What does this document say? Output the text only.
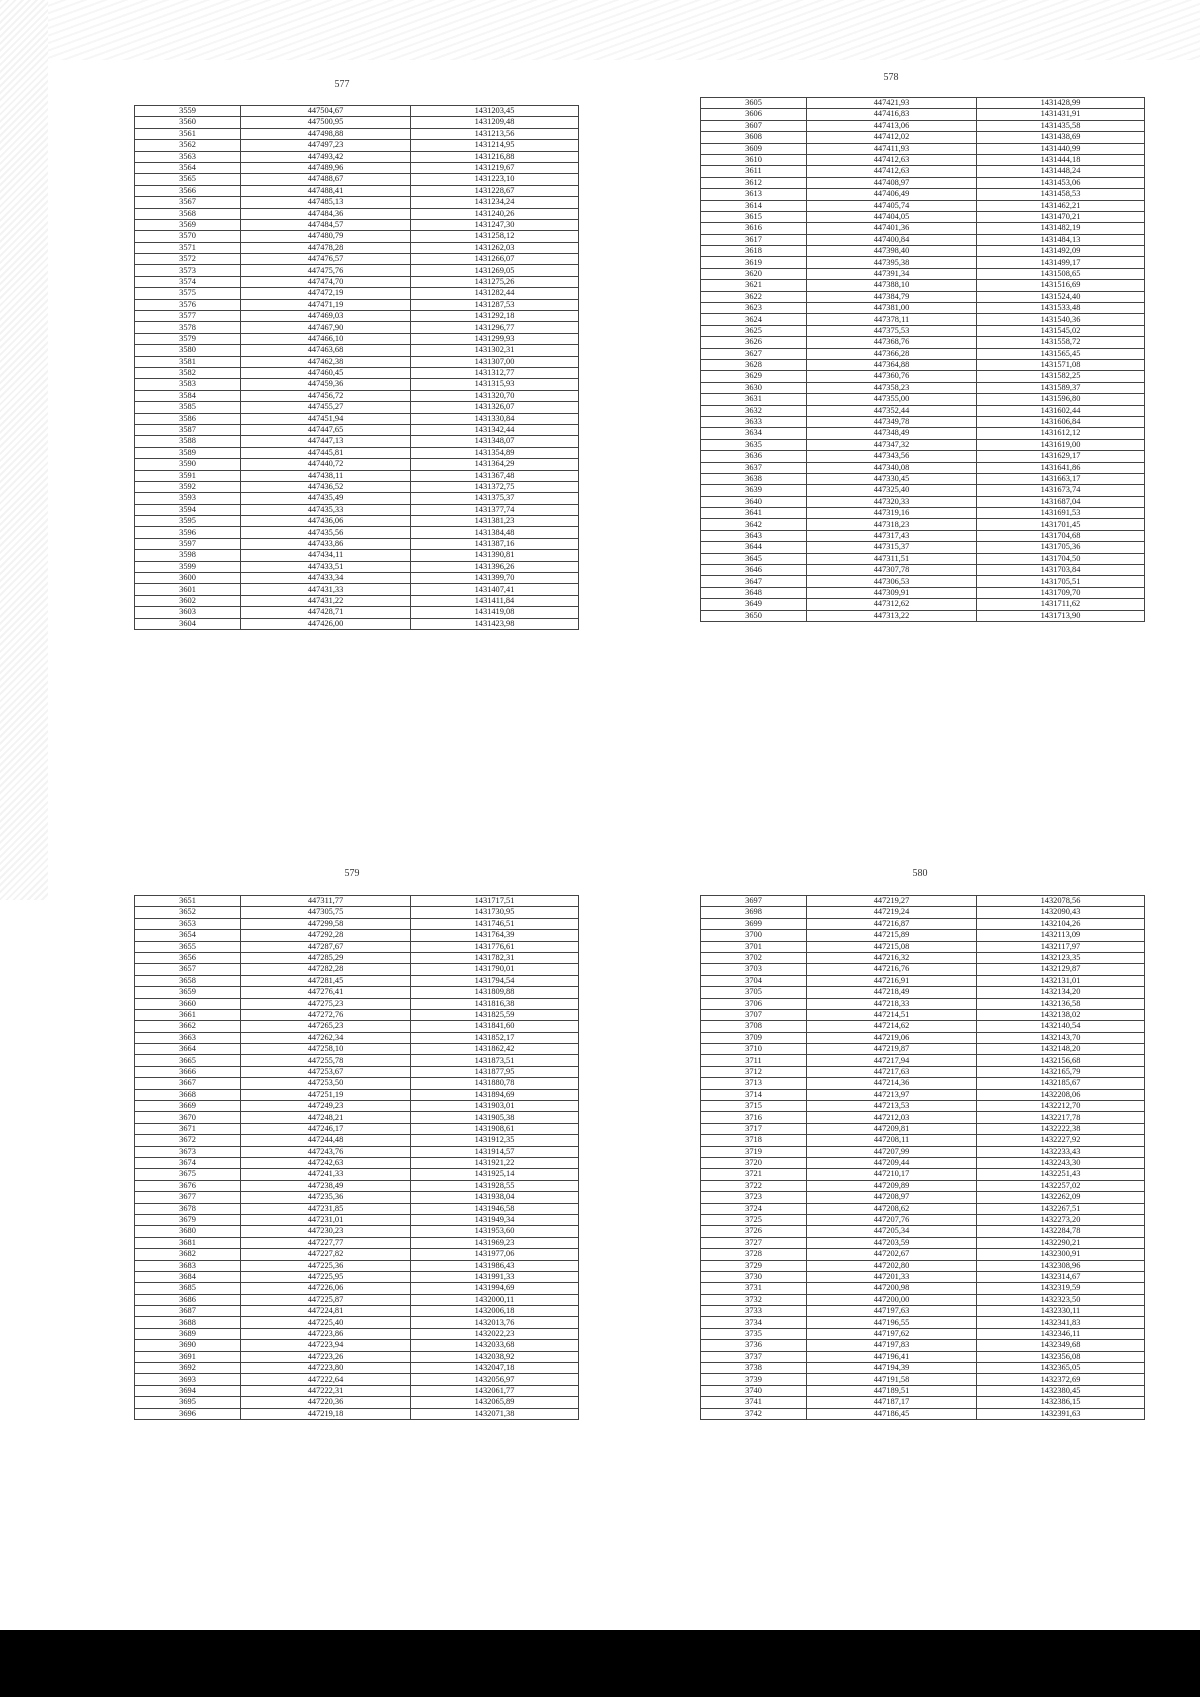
577
3559	447504,67	1431203,45
3560	447500,95	1431209,48
3561	447498,88	1431213,56
3562	447497,23	1431214,95
3563	447493,42	1431216,88
3564	447489,96	1431219,67
3565	447488,67	1431223,10
3566	447488,41	1431228,67
3567	447485,13	1431234,24
3568	447484,36	1431240,26
3569	447484,57	1431247,30
3570	447480,79	1431258,12
3571	447478,28	1431262,03
3572	447476,57	1431266,07
3573	447475,76	1431269,05
3574	447474,70	1431275,26
3575	447472,19	1431282,44
3576	447471,19	1431287,53
3577	447469,03	1431292,18
3578	447467,90	1431296,77
3579	447466,10	1431299,93
3580	447463,68	1431302,31
3581	447462,38	1431307,00
3582	447460,45	1431312,77
3583	447459,36	1431315,93
3584	447456,72	1431320,70
3585	447455,27	1431326,07
3586	447451,94	1431330,84
3587	447447,65	1431342,44
3588	447447,13	1431348,07
3589	447445,81	1431354,89
3590	447440,72	1431364,29
3591	447438,11	1431367,48
3592	447436,52	1431372,75
3593	447435,49	1431375,37
3594	447435,33	1431377,74
3595	447436,06	1431381,23
3596	447435,56	1431384,48
3597	447433,86	1431387,16
3598	447434,11	1431390,81
3599	447433,51	1431396,26
3600	447433,34	1431399,70
3601	447431,33	1431407,41
3602	447431,22	1431411,84
3603	447428,71	1431419,08
3604	447426,00	1431423,98
578
3605	447421,93	1431428,99
3606	447416,83	1431431,91
3607	447413,06	1431435,58
3608	447412,02	1431438,69
3609	447411,93	1431440,99
3610	447412,63	1431444,18
3611	447412,63	1431448,24
3612	447408,97	1431453,06
3613	447406,49	1431458,53
3614	447405,74	1431462,21
3615	447404,05	1431470,21
3616	447401,36	1431482,19
3617	447400,84	1431484,13
3618	447398,40	1431492,09
3619	447395,38	1431499,17
3620	447391,34	1431508,65
3621	447388,10	1431516,69
3622	447384,79	1431524,40
3623	447381,00	1431533,48
3624	447378,11	1431540,36
3625	447375,53	1431545,02
3626	447368,76	1431558,72
3627	447366,28	1431565,45
3628	447364,88	1431571,08
3629	447360,76	1431582,25
3630	447358,23	1431589,37
3631	447355,00	1431596,80
3632	447352,44	1431602,44
3633	447349,78	1431606,84
3634	447348,49	1431612,12
3635	447347,32	1431619,00
3636	447343,56	1431629,17
3637	447340,08	1431641,86
3638	447330,45	1431663,17
3639	447325,40	1431673,74
3640	447320,33	1431687,04
3641	447319,16	1431691,53
3642	447318,23	1431701,45
3643	447317,43	1431704,68
3644	447315,37	1431705,36
3645	447311,51	1431704,50
3646	447307,78	1431703,84
3647	447306,53	1431705,51
3648	447309,91	1431709,70
3649	447312,62	1431711,62
3650	447313,22	1431713,90
579
3651	447311,77	1431717,51
3652	447305,75	1431730,95
3653	447299,58	1431746,51
3654	447292,28	1431764,39
3655	447287,67	1431776,61
3656	447285,29	1431782,31
3657	447282,28	1431790,01
3658	447281,45	1431794,54
3659	447276,41	1431809,88
3660	447275,23	1431816,38
3661	447272,76	1431825,59
3662	447265,23	1431841,60
3663	447262,34	1431852,17
3664	447258,10	1431862,42
3665	447255,78	1431873,51
3666	447253,67	1431877,95
3667	447253,50	1431880,78
3668	447251,19	1431894,69
3669	447249,23	1431903,01
3670	447248,21	1431905,38
3671	447246,17	1431908,61
3672	447244,48	1431912,35
3673	447243,76	1431914,57
3674	447242,63	1431921,22
3675	447241,33	1431925,14
3676	447238,49	1431928,55
3677	447235,36	1431938,04
3678	447231,85	1431946,58
3679	447231,01	1431949,34
3680	447230,23	1431953,60
3681	447227,77	1431969,23
3682	447227,82	1431977,06
3683	447225,36	1431986,43
3684	447225,95	1431991,33
3685	447226,06	1431994,69
3686	447225,87	1432000,11
3687	447224,81	1432006,18
3688	447225,40	1432013,76
3689	447223,86	1432022,23
3690	447223,94	1432033,68
3691	447223,26	1432038,92
3692	447223,80	1432047,18
3693	447222,64	1432056,97
3694	447222,31	1432061,77
3695	447220,36	1432065,89
3696	447219,18	1432071,38
580
3697	447219,27	1432078,56
3698	447219,24	1432090,43
3699	447216,87	1432104,26
3700	447215,89	1432113,09
3701	447215,08	1432117,97
3702	447216,32	1432123,35
3703	447216,76	1432129,87
3704	447216,91	1432131,01
3705	447218,49	1432134,20
3706	447218,33	1432136,58
3707	447214,51	1432138,02
3708	447214,62	1432140,54
3709	447219,06	1432143,70
3710	447219,87	1432148,20
3711	447217,94	1432156,68
3712	447217,63	1432165,79
3713	447214,36	1432185,67
3714	447213,97	1432208,06
3715	447213,53	1432212,70
3716	447212,03	1432217,78
3717	447209,81	1432222,38
3718	447208,11	1432227,92
3719	447207,99	1432233,43
3720	447209,44	1432243,30
3721	447210,17	1432251,43
3722	447209,89	1432257,02
3723	447208,97	1432262,09
3724	447208,62	1432267,51
3725	447207,76	1432273,20
3726	447205,34	1432284,78
3727	447203,59	1432290,21
3728	447202,67	1432300,91
3729	447202,80	1432308,96
3730	447201,33	1432314,67
3731	447200,98	1432319,59
3732	447200,00	1432323,50
3733	447197,63	1432330,11
3734	447196,55	1432341,83
3735	447197,62	1432346,11
3736	447197,83	1432349,68
3737	447196,41	1432356,08
3738	447194,39	1432365,05
3739	447191,58	1432372,69
3740	447189,51	1432380,45
3741	447187,17	1432386,15
3742	447186,45	1432391,63
